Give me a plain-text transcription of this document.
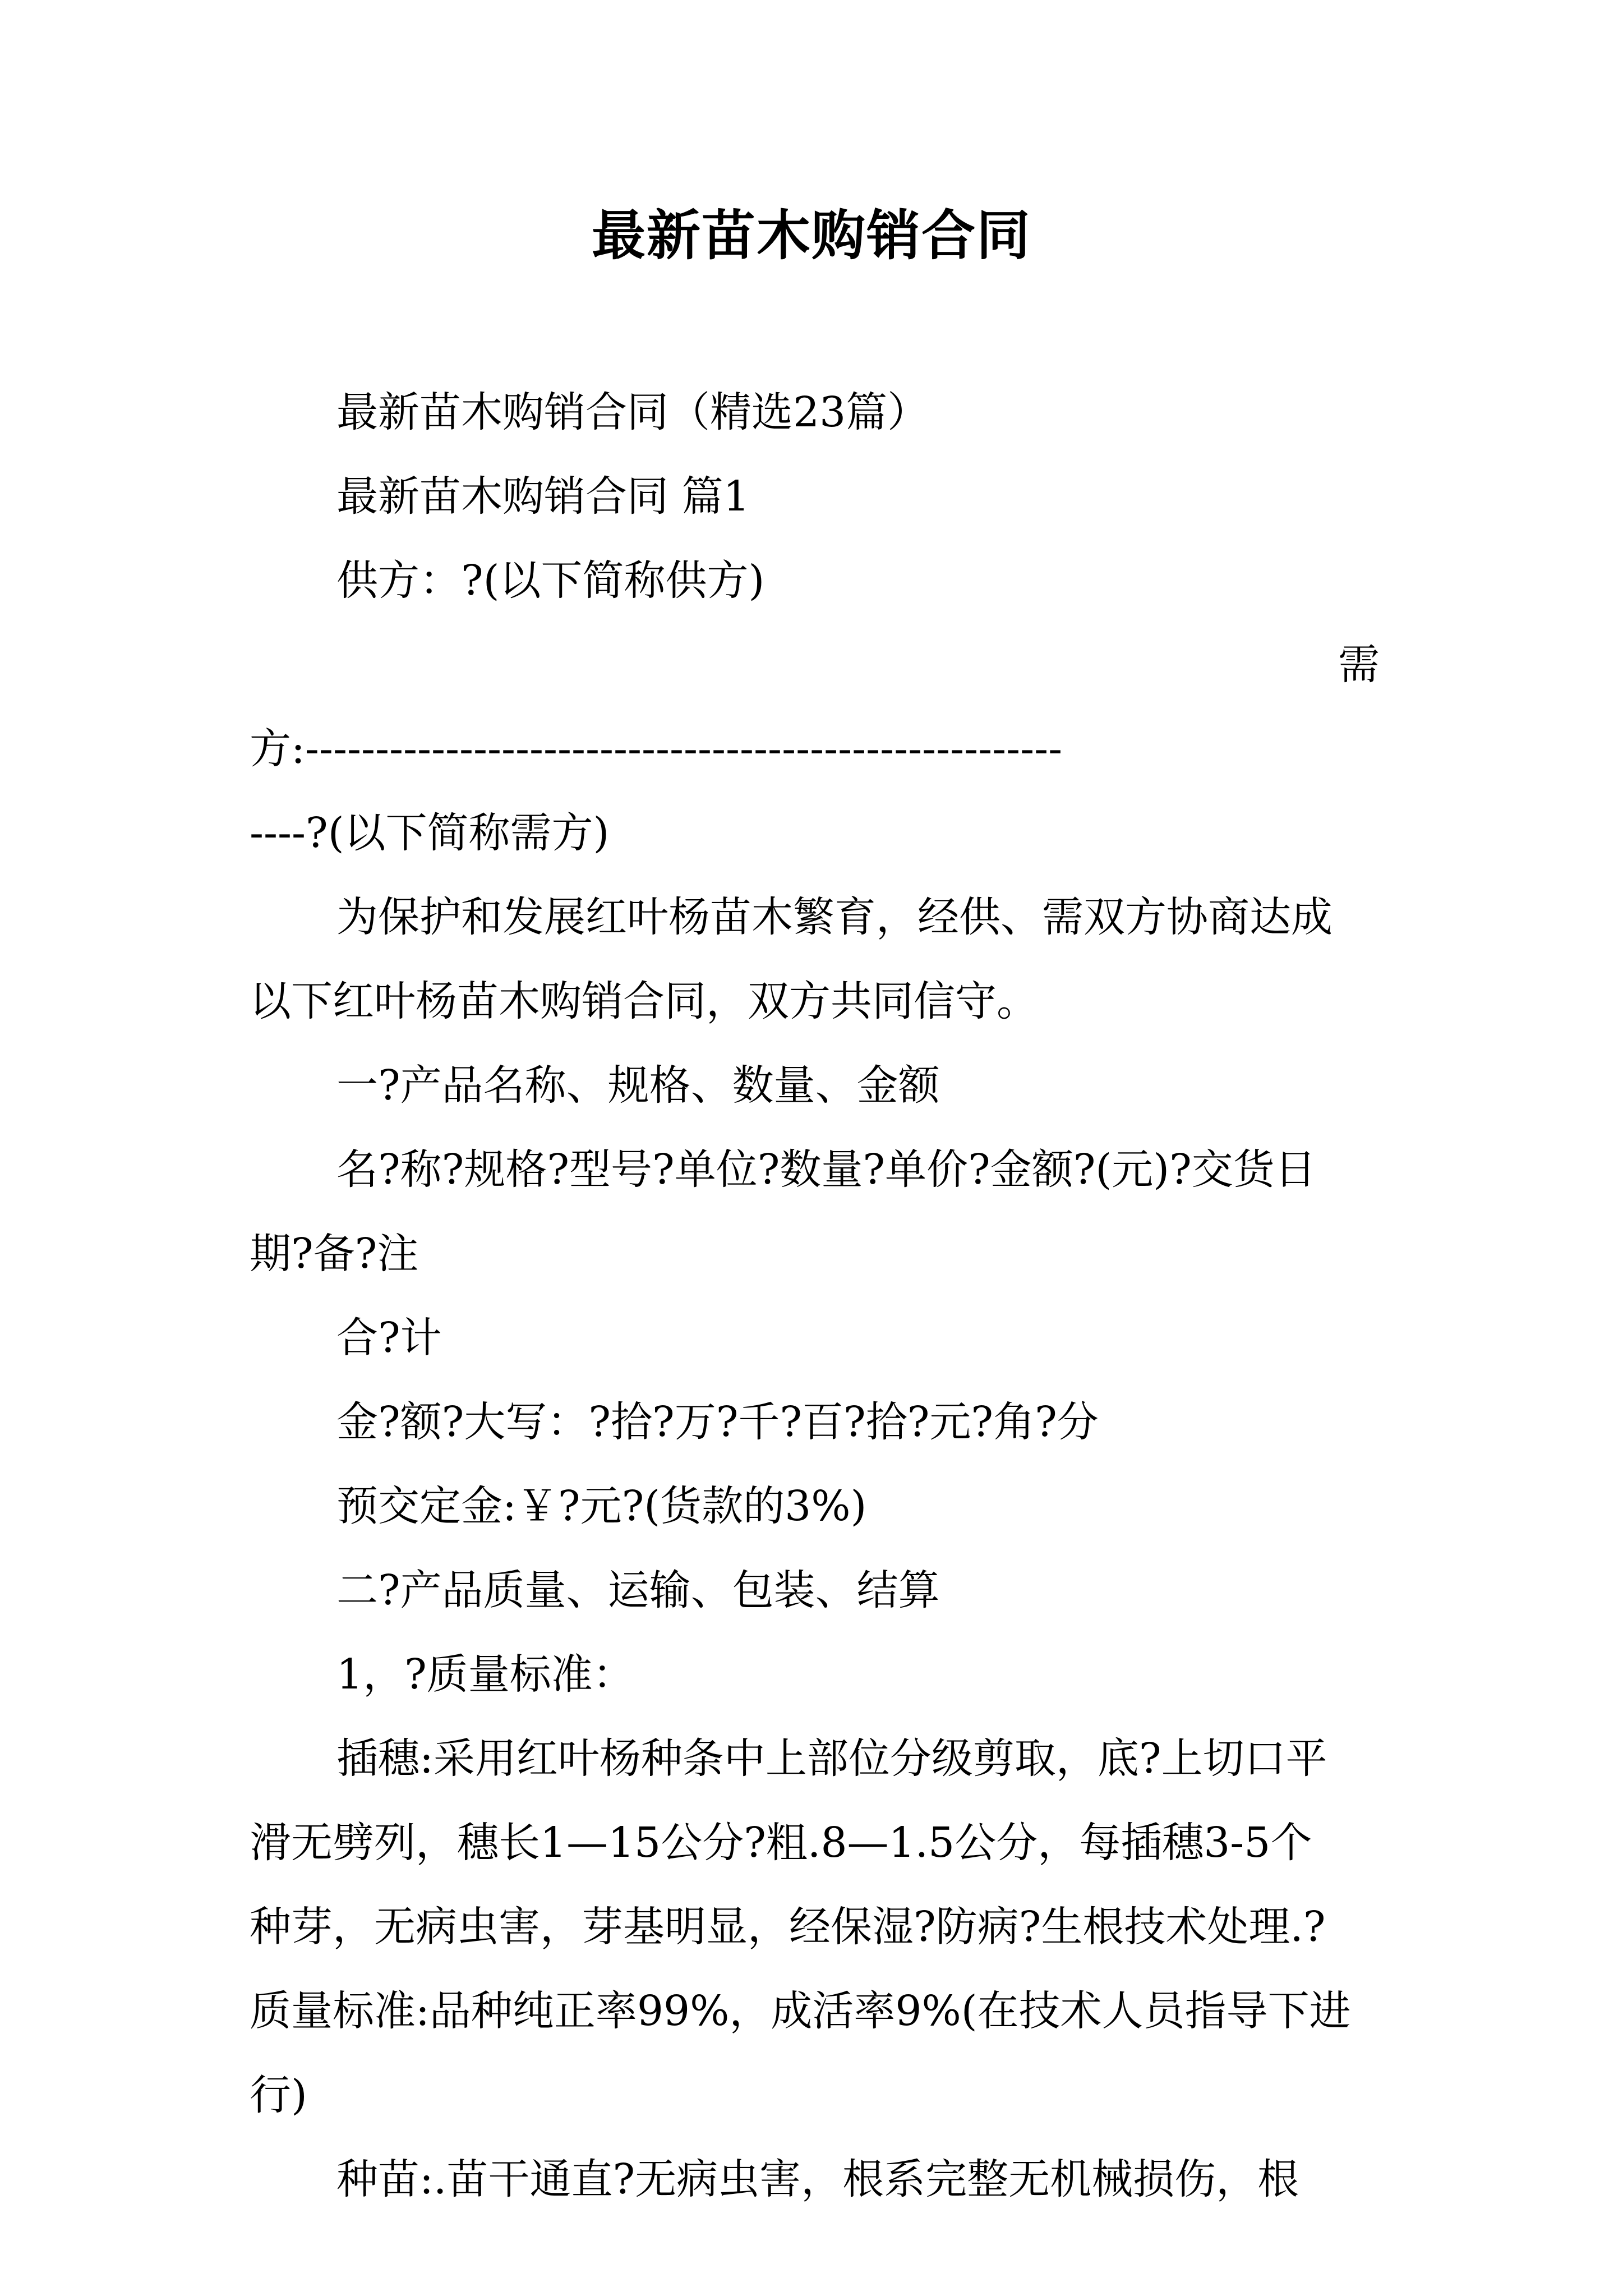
最新苗木购销合同
最新苗木购销合同（精选23篇）
最新苗木购销合同 篇1
供方：?(以下简称供方)
需
方:------------------------------------------------------
----?(以下简称需方)
为保护和发展红叶杨苗木繁育，经供、需双方协商达成
以下红叶杨苗木购销合同，双方共同信守。
一?产品名称、规格、数量、金额
名?称?规格?型号?单位?数量?单价?金额?(元)?交货日
期?备?注
合?计
金?额?大写：?拾?万?千?百?拾?元?角?分
预交定金:￥?元?(货款的3%)
二?产品质量、运输、包装、结算
1，?质量标准：
插穗:采用红叶杨种条中上部位分级剪取，底?上切口平
滑无劈列，穗长1—15公分?粗.8—1.5公分，每插穗3-5个
种芽，无病虫害，芽基明显，经保湿?防病?生根技术处理.?
质量标准:品种纯正率99%，成活率9%(在技术人员指导下进
行)
种苗:.苗干通直?无病虫害，根系完整无机械损伤，根
